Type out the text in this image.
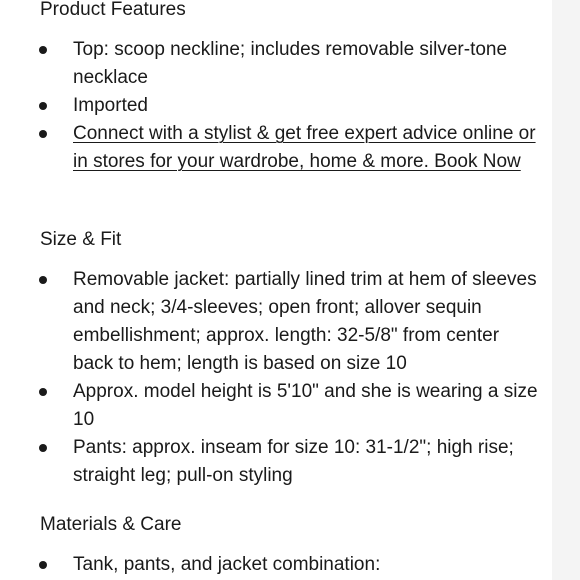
Product Features
Top: scoop neckline; includes removable silver-tone necklace
Imported
Connect with a stylist & get free expert advice online or in stores for your wardrobe, home & more. Book Now
Size & Fit
Removable jacket: partially lined trim at hem of sleeves and neck; 3/4-sleeves; open front; allover sequin embellishment; approx. length: 32-5/8" from center back to hem; length is based on size 10
Approx. model height is 5'10" and she is wearing a size 10
Pants: approx. inseam for size 10: 31-1/2"; high rise; straight leg; pull-on styling
Materials & Care
Tank, pants, and jacket combination:
